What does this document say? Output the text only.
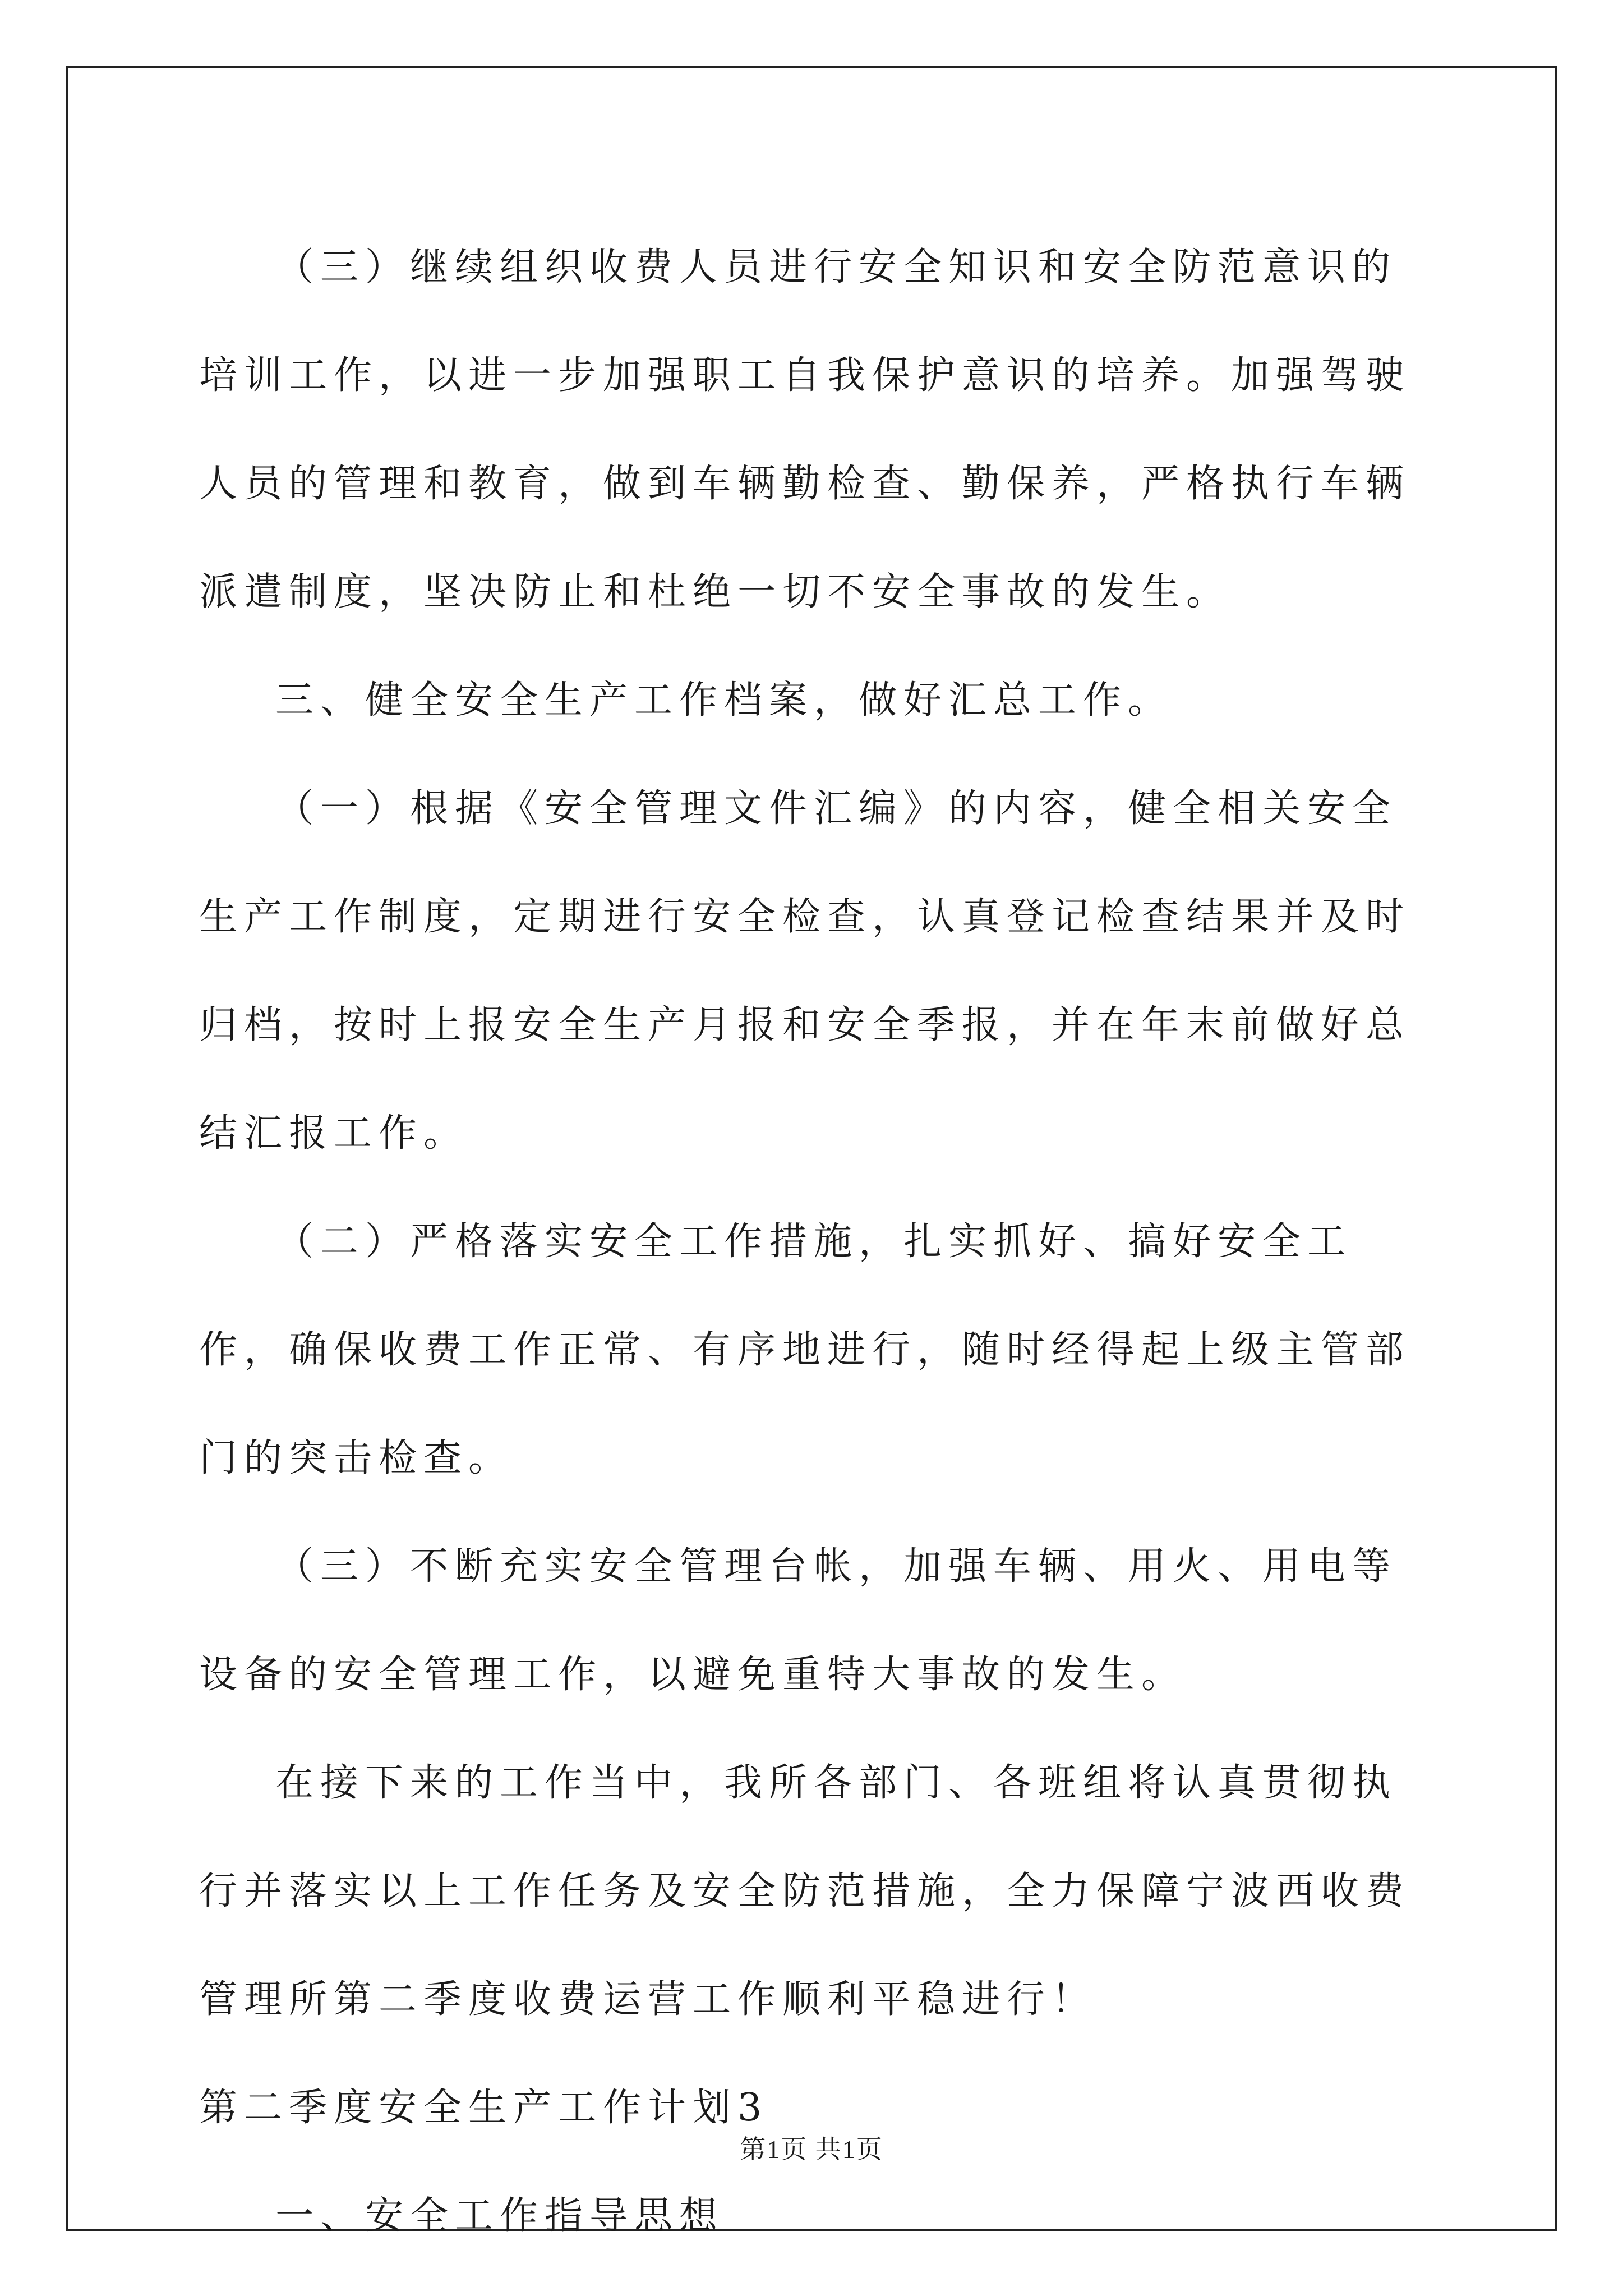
（三）继续组织收费人员进行安全知识和安全防范意识的培训工作，以进一步加强职工自我保护意识的培养。加强驾驶人员的管理和教育，做到车辆勤检查、勤保养，严格执行车辆派遣制度，坚决防止和杜绝一切不安全事故的发生。

三、健全安全生产工作档案，做好汇总工作。

（一）根据《安全管理文件汇编》的内容，健全相关安全生产工作制度，定期进行安全检查，认真登记检查结果并及时归档，按时上报安全生产月报和安全季报，并在年末前做好总结汇报工作。

（二）严格落实安全工作措施，扎实抓好、搞好安全工作，确保收费工作正常、有序地进行，随时经得起上级主管部门的突击检查。

（三）不断充实安全管理台帐，加强车辆、用火、用电等设备的安全管理工作，以避免重特大事故的发生。

在接下来的工作当中，我所各部门、各班组将认真贯彻执行并落实以上工作任务及安全防范措施，全力保障宁波西收费管理所第二季度收费运营工作顺利平稳进行！

第二季度安全生产工作计划3

一、安全工作指导思想

第1页 共1页
